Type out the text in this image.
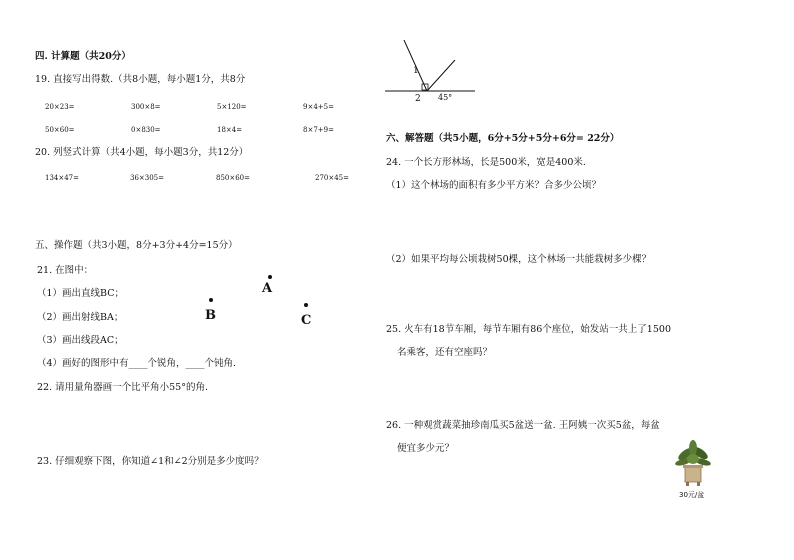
四. 计算题（共20分）
19. 直接写出得数.（共8小题，每小题1分，共8分
20×23=	300×8=	5×120=	9×4+5=
50×60=	0×830=	18×4=	8×7+9=
20. 列竖式计算（共4小题，每小题3分，共12分）
134×47=	36×305=	850×60=	270×45=
五、操作题（共3小题，8分+3分+4分=15分）
21. 在图中：
（1）画出直线BC；
（2）画出射线BA；
（3）画出线段AC；
（4）画好的图形中有____个锐角，____个钝角.
22. 请用量角器画一个比平角小55°的角.
23. 仔细观察下图，你知道∠1和∠2分别是多少度吗？
A
B	C
1
2 45°
六、解答题（共5小题，6分+5分+5分+6分= 22分）
24. 一个长方形林场，长是500米，宽是400米.
（1）这个林场的面积有多少平方米？合多少公顷？
（2）如果平均每公顷栽树50棵，这个林场一共能栽树多少棵？
25. 火车有18节车厢，每节车厢有86个座位，始发站一共上了1500
名乘客，还有空座吗？
26. 一种观赏蔬菜抽珍南瓜买5盆送一盆. 王阿姨一次买5盆，每盆
便宜多少元？
30元/盆
